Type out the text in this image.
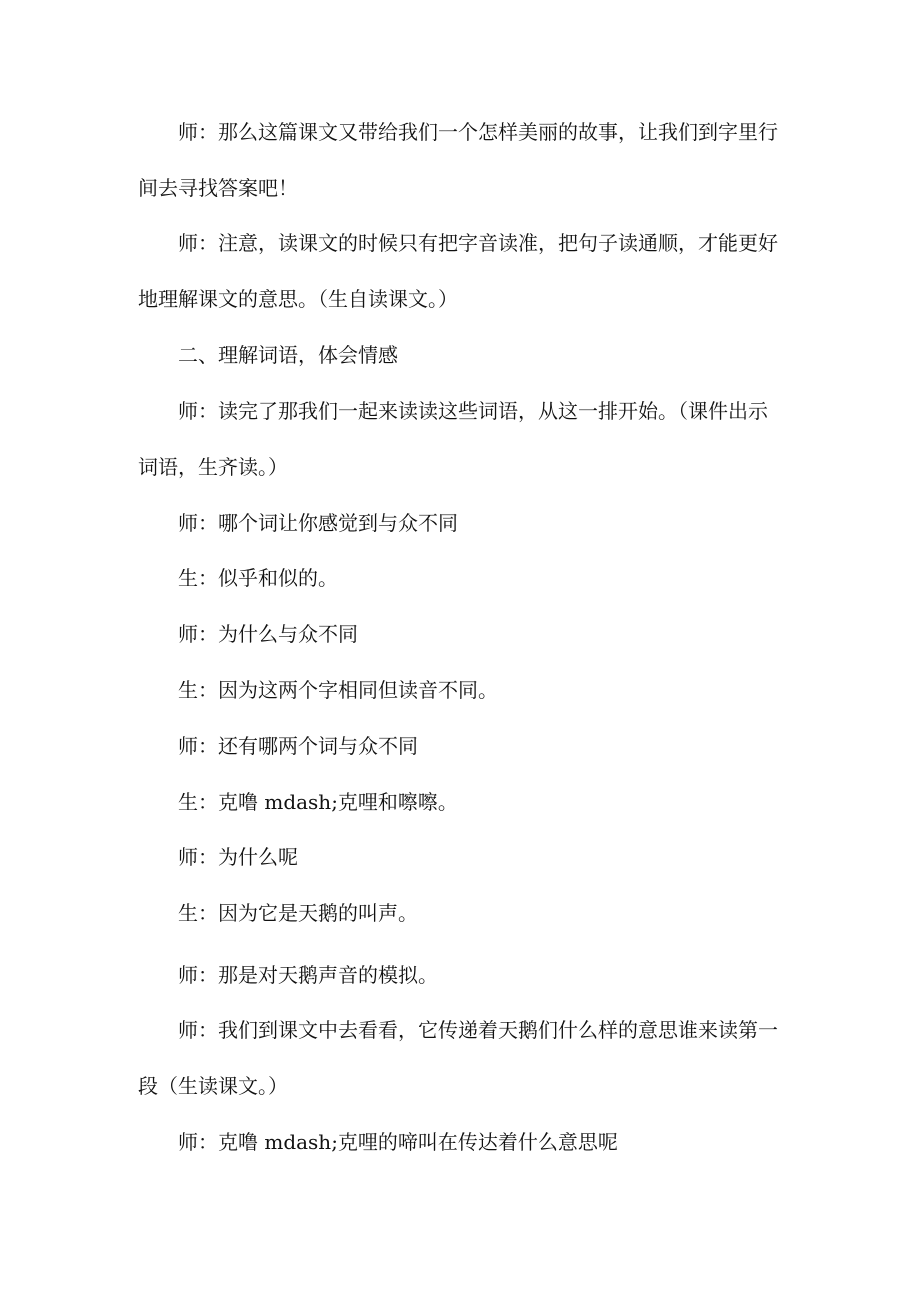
师：那么这篇课文又带给我们一个怎样美丽的故事，让我们到字里行
间去寻找答案吧！
师：注意，读课文的时候只有把字音读准，把句子读通顺，才能更好
地理解课文的意思。（生自读课文。）
二、理解词语，体会情感
师：读完了那我们一起来读读这些词语，从这一排开始。（课件出示
词语，生齐读。）
师：哪个词让你感觉到与众不同
生：似乎和似的。
师：为什么与众不同
生：因为这两个字相同但读音不同。
师：还有哪两个词与众不同
生：克噜 mdash;克哩和嚓嚓。
师：为什么呢
生：因为它是天鹅的叫声。
师：那是对天鹅声音的模拟。
师：我们到课文中去看看，它传递着天鹅们什么样的意思谁来读第一
段（生读课文。）
师：克噜 mdash;克哩的啼叫在传达着什么意思呢
